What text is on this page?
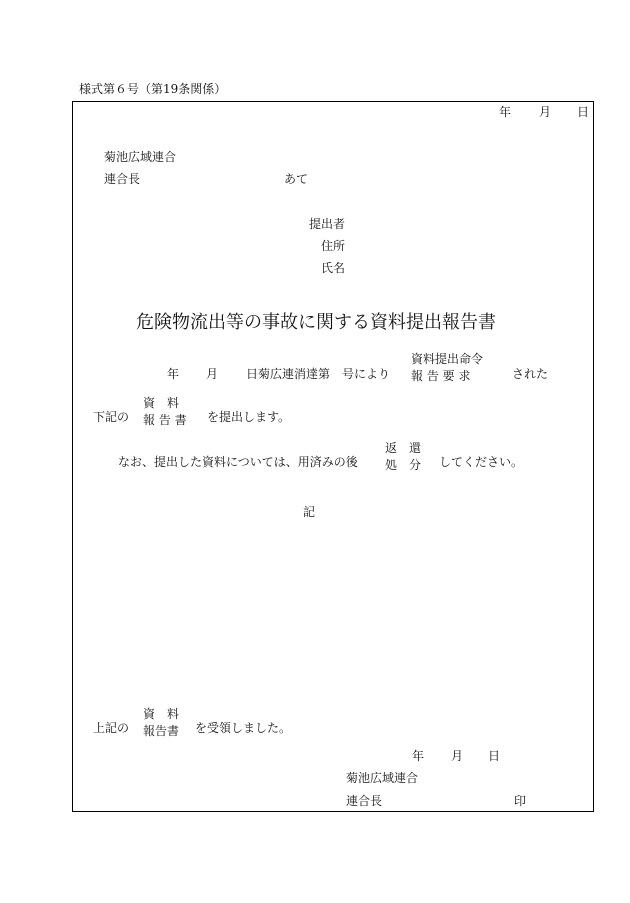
様式第６号（第19条関係）
年 月 日
菊池広域連合
連合長	あて
提出者
住所
氏名
危険物流出等の事故に関する資料提出報告書
年 月 日菊広連消達第　号により
資料提出命令
報 告 要 求	された
下記の
資　料
報 告 書 を提出します。
なお、提出した資料については、用済みの後
返　還
処　分 してください。
記
上記の
資　料
報告書 を受領しました。
年 月 日
菊池広域連合
連合長	印
